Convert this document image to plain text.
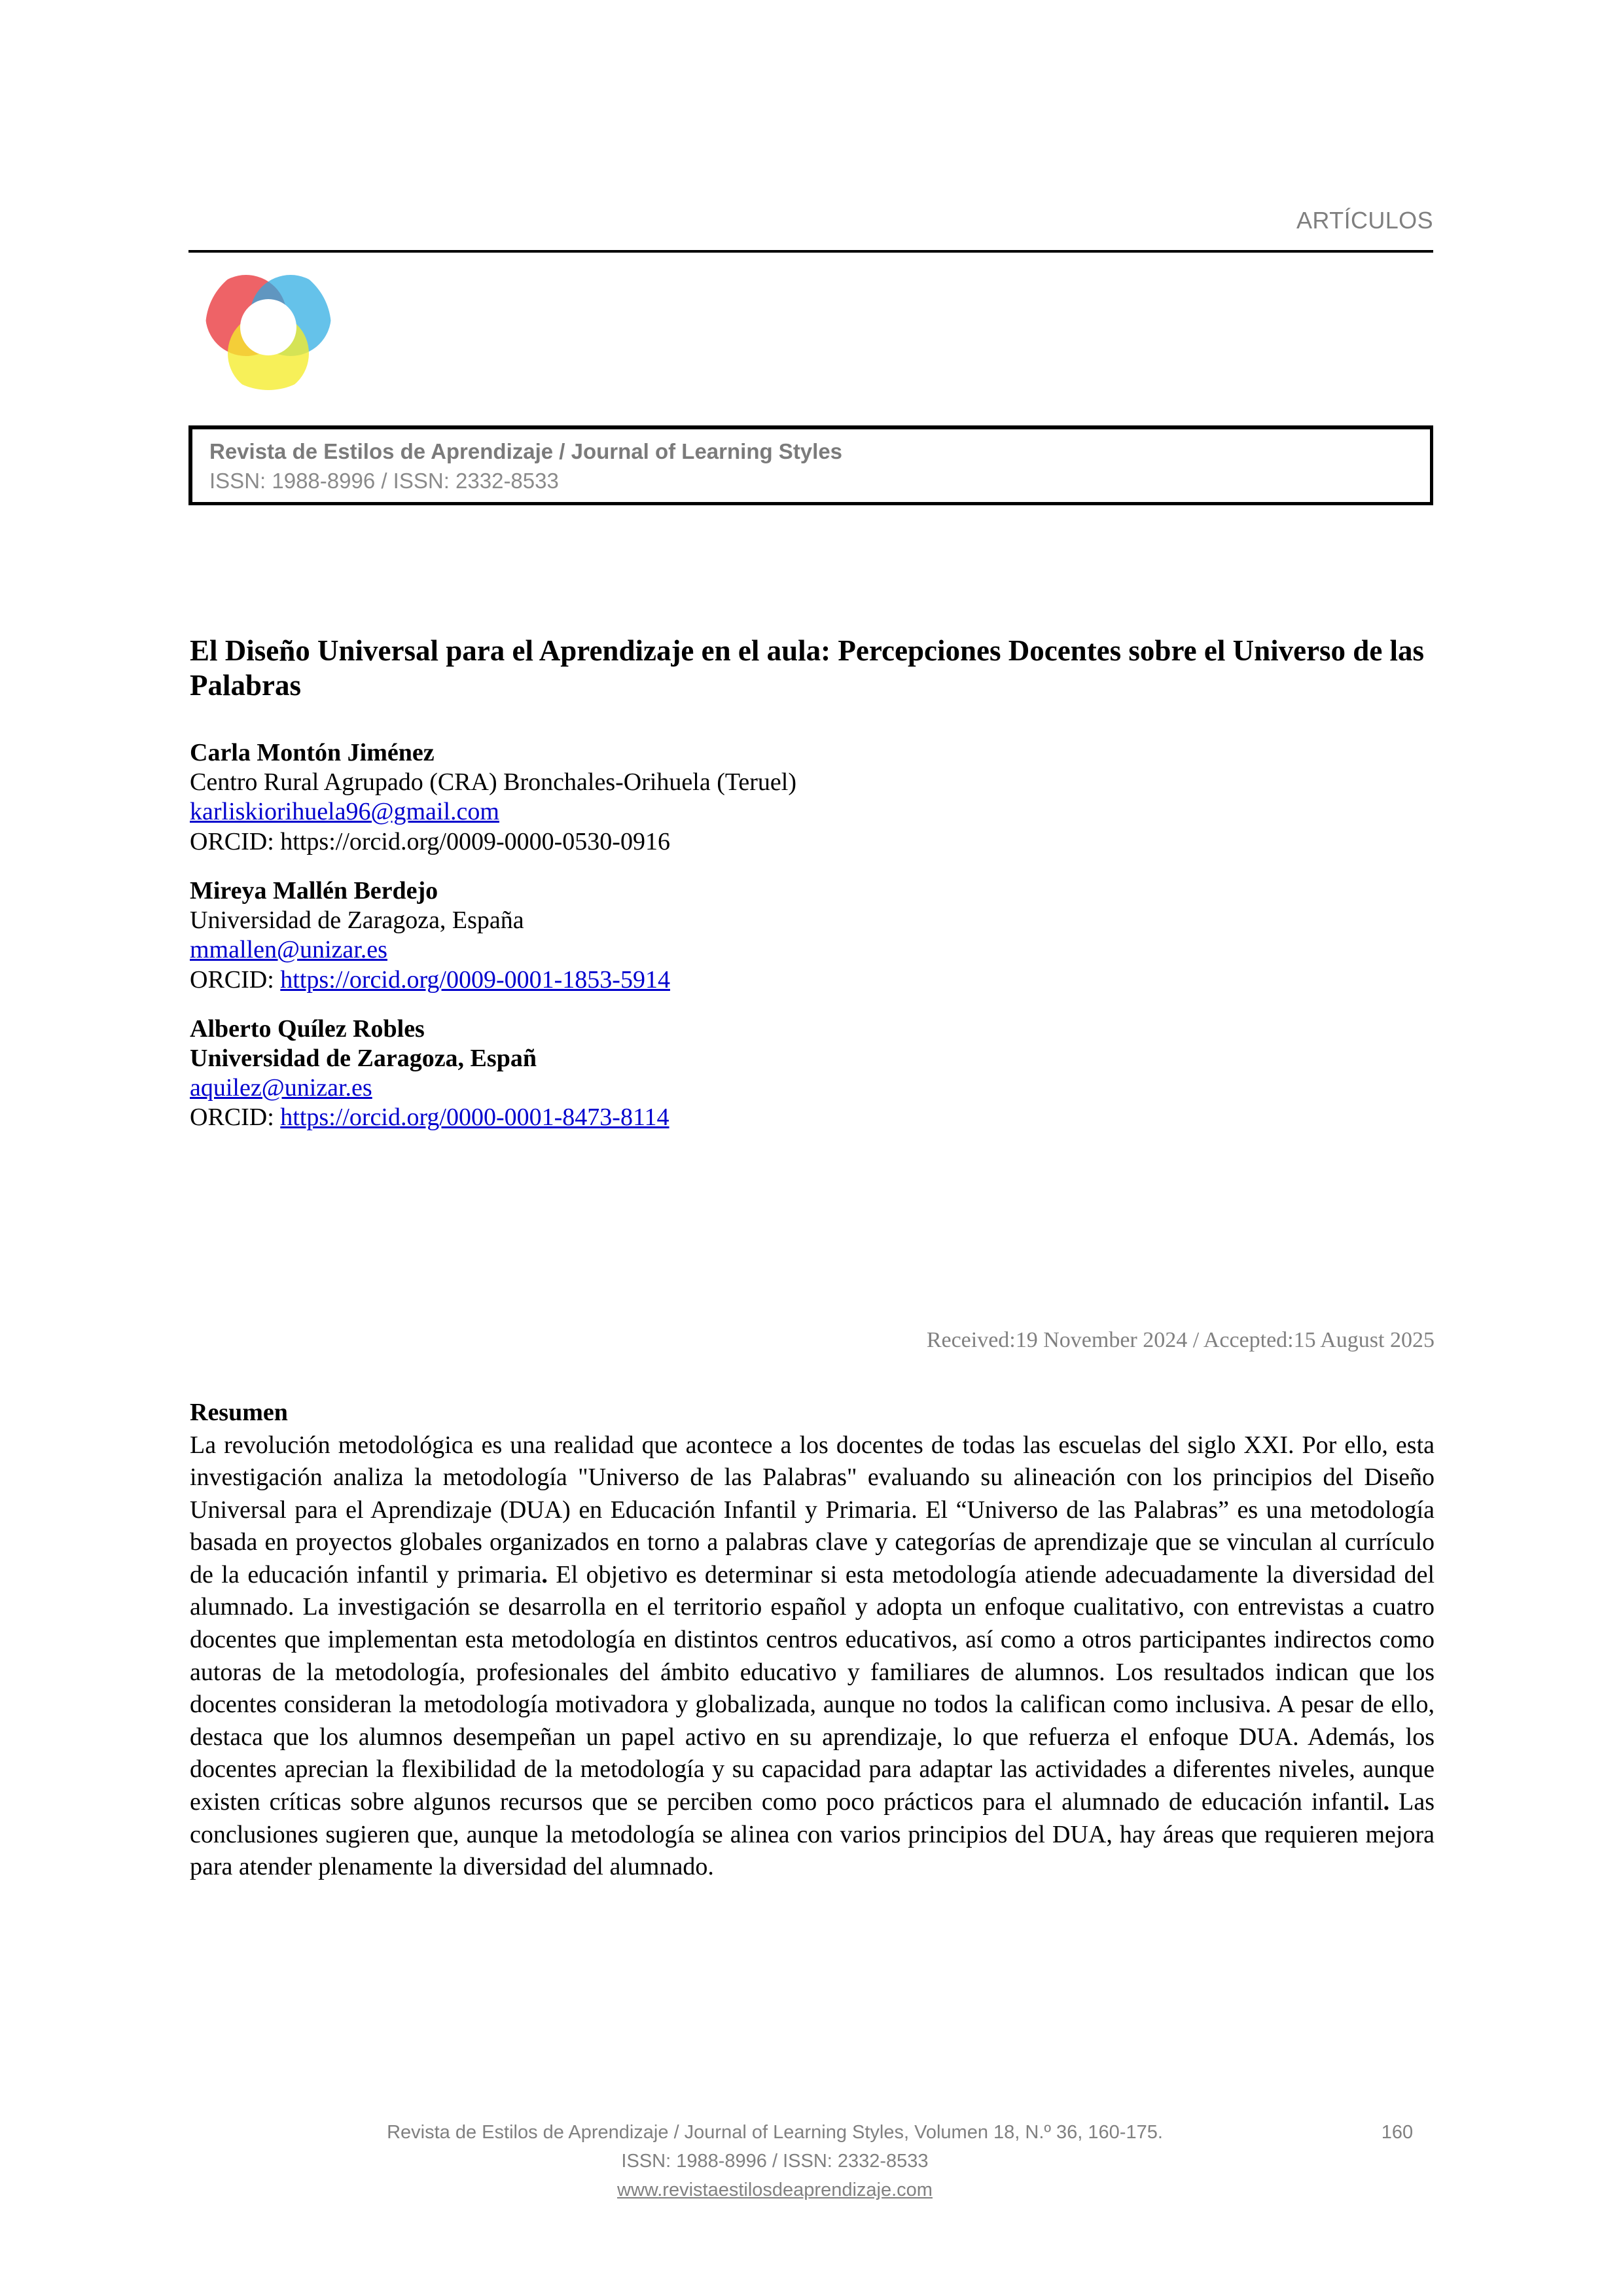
ARTÍCULOS
Revista de Estilos de Aprendizaje / Journal of Learning Styles
ISSN: 1988-8996 / ISSN: 2332-8533
El Diseño Universal para el Aprendizaje en el aula: Percepciones Docentes sobre el Universo de las Palabras
Carla Montón Jiménez
Centro Rural Agrupado (CRA) Bronchales-Orihuela (Teruel)
karliskiorihuela96@gmail.com
ORCID: https://orcid.org/0009-0000-0530-0916
Mireya Mallén Berdejo
Universidad de Zaragoza, España
mmallen@unizar.es
ORCID: https://orcid.org/0009-0001-1853-5914
Alberto Quílez Robles
Universidad de Zaragoza, Españ
aquilez@unizar.es
ORCID: https://orcid.org/0000-0001-8473-8114
Received:19 November 2024 / Accepted:15 August 2025
Resumen
La revolución metodológica es una realidad que acontece a los docentes de todas las escuelas del siglo XXI. Por ello, esta investigación analiza la metodología "Universo de las Palabras" evaluando su alineación con los principios del Diseño Universal para el Aprendizaje (DUA) en Educación Infantil y Primaria. El “Universo de las Palabras” es una metodología basada en proyectos globales organizados en torno a palabras clave y categorías de aprendizaje que se vinculan al currículo de la educación infantil y primaria. El objetivo es determinar si esta metodología atiende adecuadamente la diversidad del alumnado. La investigación se desarrolla en el territorio español y adopta un enfoque cualitativo, con entrevistas a cuatro docentes que implementan esta metodología en distintos centros educativos, así como a otros participantes indirectos como autoras de la metodología, profesionales del ámbito educativo y familiares de alumnos. Los resultados indican que los docentes consideran la metodología motivadora y globalizada, aunque no todos la califican como inclusiva. A pesar de ello, destaca que los alumnos desempeñan un papel activo en su aprendizaje, lo que refuerza el enfoque DUA. Además, los docentes aprecian la flexibilidad de la metodología y su capacidad para adaptar las actividades a diferentes niveles, aunque existen críticas sobre algunos recursos que se perciben como poco prácticos para el alumnado de educación infantil. Las conclusiones sugieren que, aunque la metodología se alinea con varios principios del DUA, hay áreas que requieren mejora para atender plenamente la diversidad del alumnado.
Revista de Estilos de Aprendizaje / Journal of Learning Styles, Volumen 18, N.º 36, 160-175.	160
ISSN: 1988-8996 / ISSN: 2332-8533
www.revistaestilosdeaprendizaje.com
